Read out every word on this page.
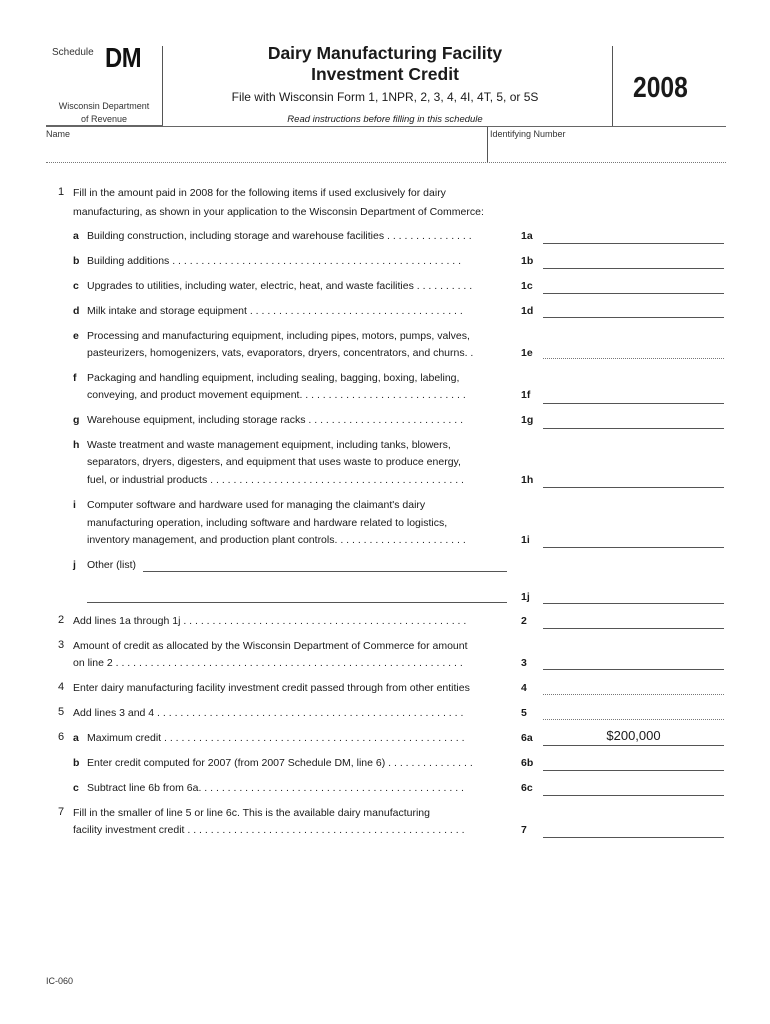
Schedule DM
Wisconsin Department
of Revenue
Dairy Manufacturing Facility
Investment Credit
File with Wisconsin Form 1, 1NPR, 2, 3, 4, 4I, 4T, 5, or 5S
Read instructions before filling in this schedule
2008
Name	Identifying Number
1 Fill in the amount paid in 2008 for the following items if used exclusively for dairy
manufacturing, as shown in your application to the Wisconsin Department of Commerce:
a Building construction, including storage and warehouse facilities . . . . . . . . . . . . . . .	1a
b Building additions . . . . . . . . . . . . . . . . . . . . . . . . . . . . . . . . . . . . . . . . . . . . . . . . . .	1b
c Upgrades to utilities, including water, electric, heat, and waste facilities . . . . . . . . . .	1c
d Milk intake and storage equipment . . . . . . . . . . . . . . . . . . . . . . . . . . . . . . . . . . . . .	1d
e Processing and manufacturing equipment, including pipes, motors, pumps, valves,
pasteurizers, homogenizers, vats, evaporators, dryers, concentrators, and churns. .	1e
f Packaging and handling equipment, including sealing, bagging, boxing, labeling,
conveying, and product movement equipment. . . . . . . . . . . . . . . . . . . . . . . . . . . . .	1f
g Warehouse equipment, including storage racks . . . . . . . . . . . . . . . . . . . . . . . . . . .	1g
h Waste treatment and waste management equipment, including tanks, blowers,
separators, dryers, digesters, and equipment that uses waste to produce energy,
fuel, or industrial products . . . . . . . . . . . . . . . . . . . . . . . . . . . . . . . . . . . . . . . . . . . .	1h
i Computer software and hardware used for managing the claimant's dairy
manufacturing operation, including software and hardware related to logistics,
inventory management, and production plant controls. . . . . . . . . . . . . . . . . . . . . . .	1i
j Other (list)
1j
2 Add lines 1a through 1j . . . . . . . . . . . . . . . . . . . . . . . . . . . . . . . . . . . . . . . . . . . . . . . . .	2
3 Amount of credit as allocated by the Wisconsin Department of Commerce for amount
on line 2 . . . . . . . . . . . . . . . . . . . . . . . . . . . . . . . . . . . . . . . . . . . . . . . . . . . . . . . . . . . .	3
4 Enter dairy manufacturing facility investment credit passed through from other entities	4
5 Add lines 3 and 4 . . . . . . . . . . . . . . . . . . . . . . . . . . . . . . . . . . . . . . . . . . . . . . . . . . . . .	5
6 a Maximum credit . . . . . . . . . . . . . . . . . . . . . . . . . . . . . . . . . . . . . . . . . . . . . . . . . . . .	6a	$200,000
b Enter credit computed for 2007 (from 2007 Schedule DM, line 6) . . . . . . . . . . . . . . .	6b
c Subtract line 6b from 6a. . . . . . . . . . . . . . . . . . . . . . . . . . . . . . . . . . . . . . . . . . . . . .	6c
7 Fill in the smaller of line 5 or line 6c. This is the available dairy manufacturing
facility investment credit . . . . . . . . . . . . . . . . . . . . . . . . . . . . . . . . . . . . . . . . . . . . . . . .	7
IC-060
